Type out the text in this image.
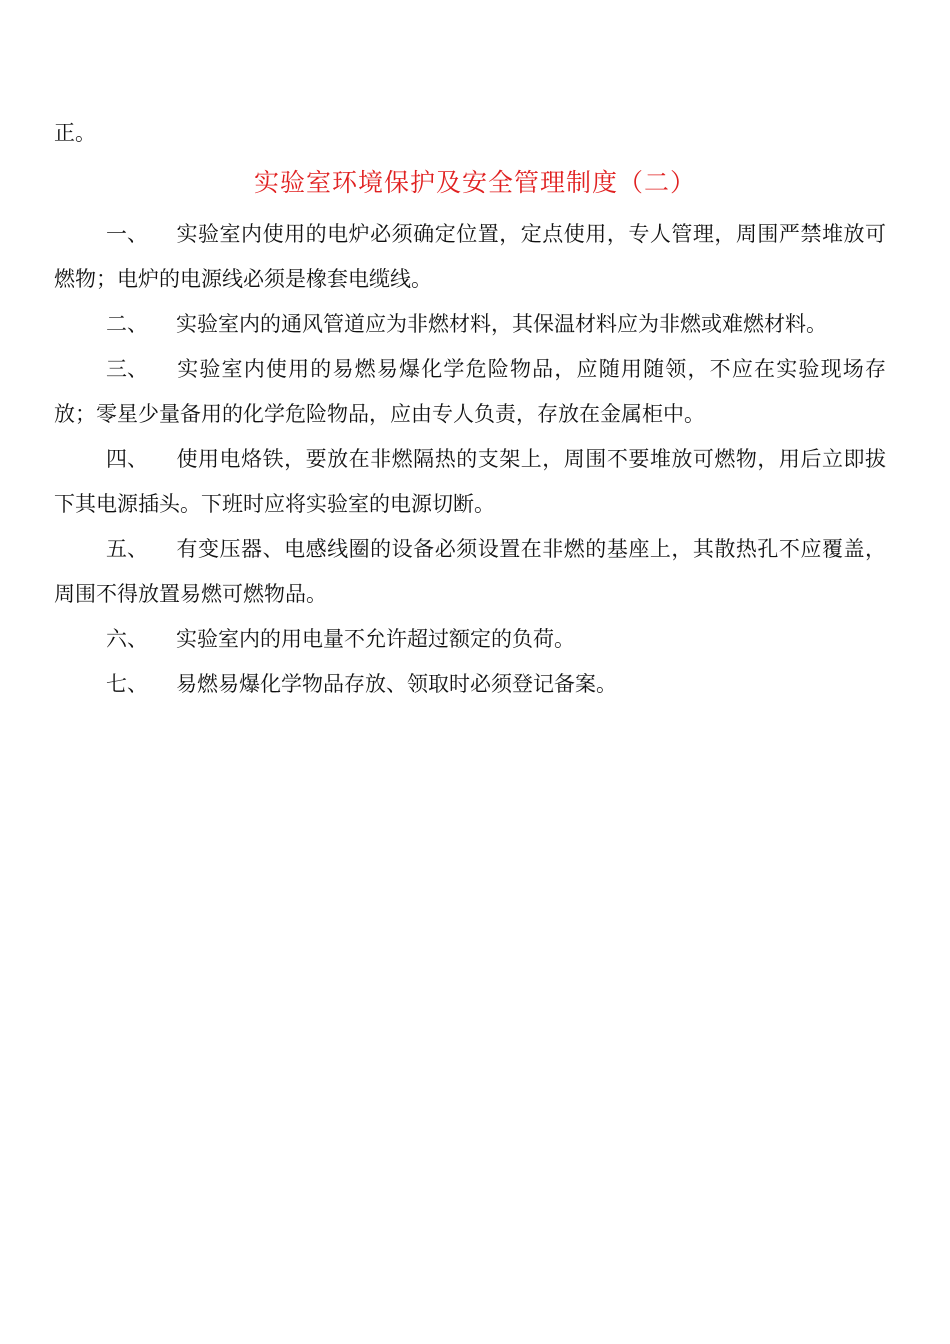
正。

实验室环境保护及安全管理制度（二）
一、 实验室内使用的电炉必须确定位置，定点使用，专人管理，周围严禁堆放可燃物；电炉的电源线必须是橡套电缆线。
二、 实验室内的通风管道应为非燃材料，其保温材料应为非燃或难燃材料。
三、 实验室内使用的易燃易爆化学危险物品，应随用随领，不应在实验现场存放；零星少量备用的化学危险物品，应由专人负责，存放在金属柜中。
四、 使用电烙铁，要放在非燃隔热的支架上，周围不要堆放可燃物，用后立即拔下其电源插头。下班时应将实验室的电源切断。
五、 有变压器、电感线圈的设备必须设置在非燃的基座上，其散热孔不应覆盖，周围不得放置易燃可燃物品。
六、 实验室内的用电量不允许超过额定的负荷。
七、 易燃易爆化学物品存放、领取时必须登记备案。
